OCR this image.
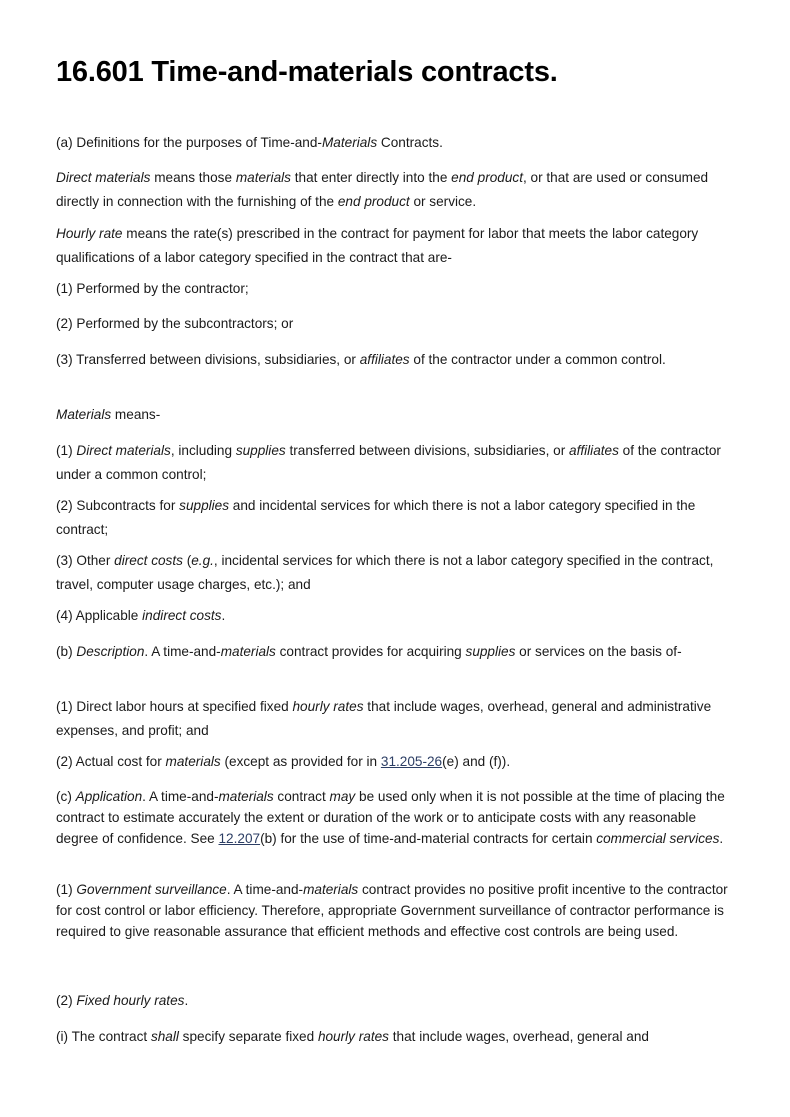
16.601 Time-and-materials contracts.

(a) Definitions for the purposes of Time-and-Materials Contracts.

Direct materials means those materials that enter directly into the end product, or that are used or consumed directly in connection with the furnishing of the end product or service.

Hourly rate means the rate(s) prescribed in the contract for payment for labor that meets the labor category qualifications of a labor category specified in the contract that are-

(1) Performed by the contractor;

(2) Performed by the subcontractors; or

(3) Transferred between divisions, subsidiaries, or affiliates of the contractor under a common control.

Materials means-

(1) Direct materials, including supplies transferred between divisions, subsidiaries, or affiliates of the contractor under a common control;

(2) Subcontracts for supplies and incidental services for which there is not a labor category specified in the contract;

(3) Other direct costs (e.g., incidental services for which there is not a labor category specified in the contract, travel, computer usage charges, etc.); and

(4) Applicable indirect costs.

(b) Description. A time-and-materials contract provides for acquiring supplies or services on the basis of-

(1) Direct labor hours at specified fixed hourly rates that include wages, overhead, general and administrative expenses, and profit; and

(2) Actual cost for materials (except as provided for in 31.205-26(e) and (f)).

(c) Application. A time-and-materials contract may be used only when it is not possible at the time of placing the contract to estimate accurately the extent or duration of the work or to anticipate costs with any reasonable degree of confidence. See 12.207(b) for the use of time-and-material contracts for certain commercial services.

(1) Government surveillance. A time-and-materials contract provides no positive profit incentive to the contractor for cost control or labor efficiency. Therefore, appropriate Government surveillance of contractor performance is required to give reasonable assurance that efficient methods and effective cost controls are being used.

(2) Fixed hourly rates.

(i) The contract shall specify separate fixed hourly rates that include wages, overhead, general and
